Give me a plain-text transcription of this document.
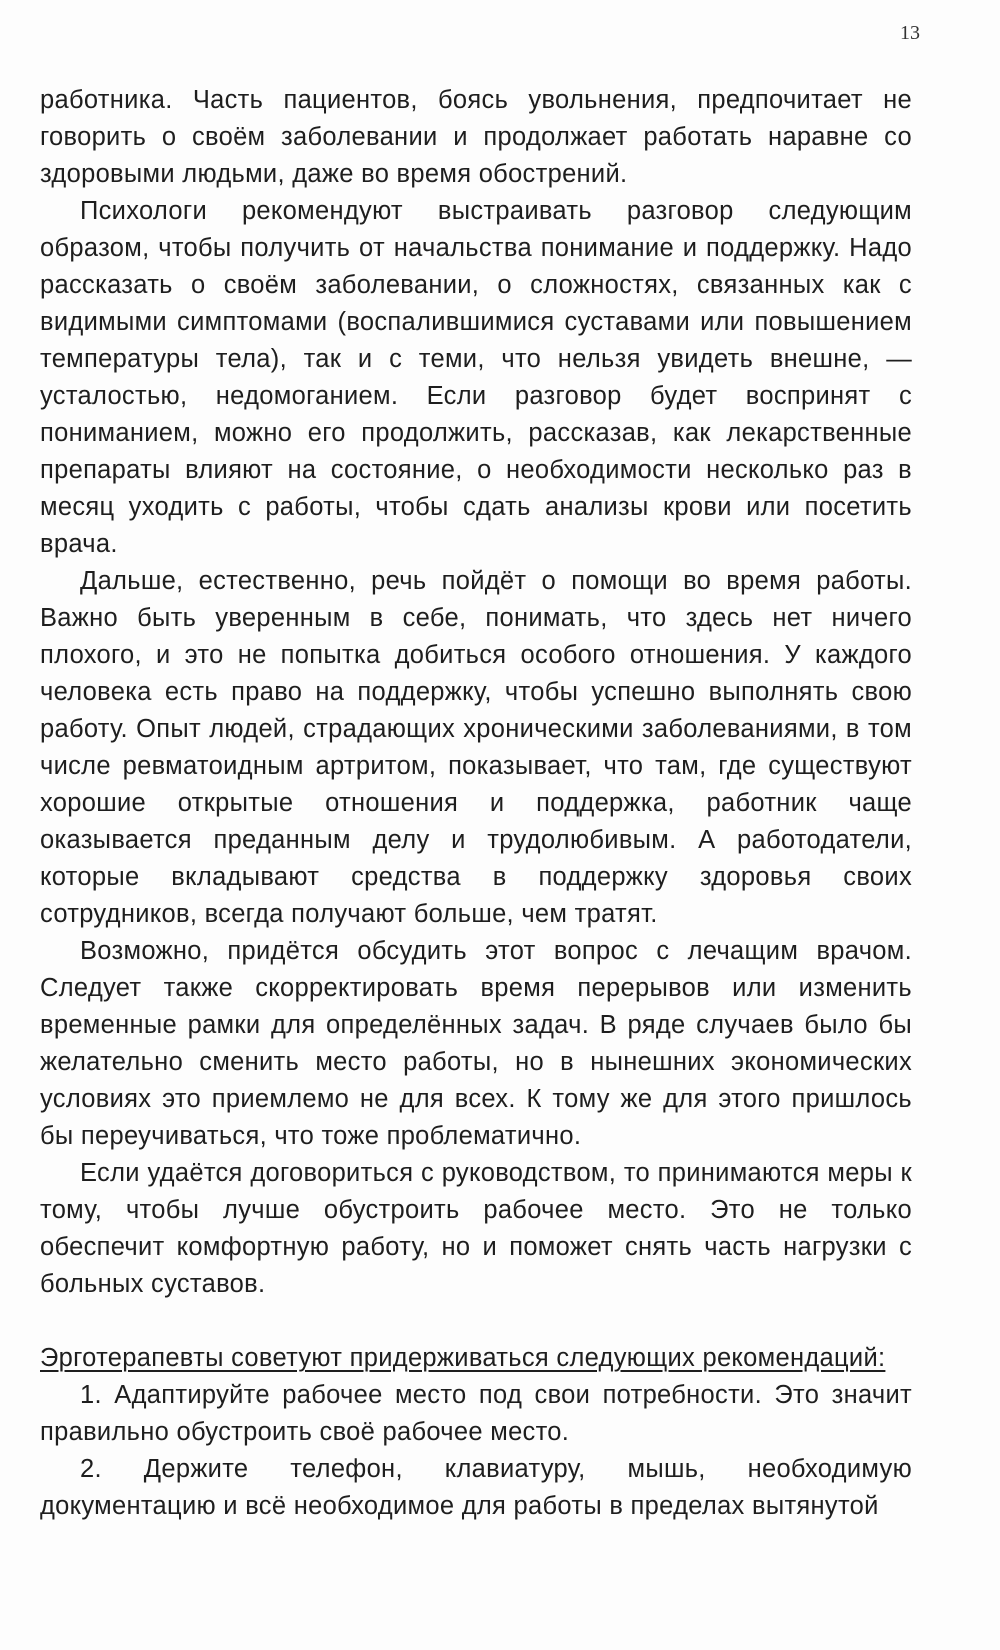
13

работника. Часть пациентов, боясь увольнения, предпочитает не говорить о своём заболевании и продолжает работать наравне со здоровыми людьми, даже во время обострений.

Психологи рекомендуют выстраивать разговор следующим образом, чтобы получить от начальства понимание и поддержку. Надо рассказать о своём заболевании, о сложностях, связанных как с видимыми симптомами (воспалившимися суставами или повышением температуры тела), так и с теми, что нельзя увидеть внешне, — усталостью, недомоганием. Если разговор будет воспринят с пониманием, можно его продолжить, рассказав, как лекарственные препараты влияют на состояние, о необходимости несколько раз в месяц уходить с работы, чтобы сдать анализы крови или посетить врача.

Дальше, естественно, речь пойдёт о помощи во время работы. Важно быть уверенным в себе, понимать, что здесь нет ничего плохого, и это не попытка добиться особого отношения. У каждого человека есть право на поддержку, чтобы успешно выполнять свою работу. Опыт людей, страдающих хроническими заболеваниями, в том числе ревматоидным артритом, показывает, что там, где существуют хорошие открытые отношения и поддержка, работник чаще оказывается преданным делу и трудолюбивым. А работодатели, которые вкладывают средства в поддержку здоровья своих сотрудников, всегда получают больше, чем тратят.

Возможно, придётся обсудить этот вопрос с лечащим врачом. Следует также скорректировать время перерывов или изменить временные рамки для определённых задач. В ряде случаев было бы желательно сменить место работы, но в нынешних экономических условиях это приемлемо не для всех. К тому же для этого пришлось бы переучиваться, что тоже проблематично.

Если удаётся договориться с руководством, то принимаются меры к тому, чтобы лучше обустроить рабочее место. Это не только обеспечит комфортную работу, но и поможет снять часть нагрузки с больных суставов.

Эрготерапевты советуют придерживаться следующих рекомендаций:

1. Адаптируйте рабочее место под свои потребности. Это значит правильно обустроить своё рабочее место.

2. Держите телефон, клавиатуру, мышь, необходимую документацию и всё необходимое для работы в пределах вытянутой
